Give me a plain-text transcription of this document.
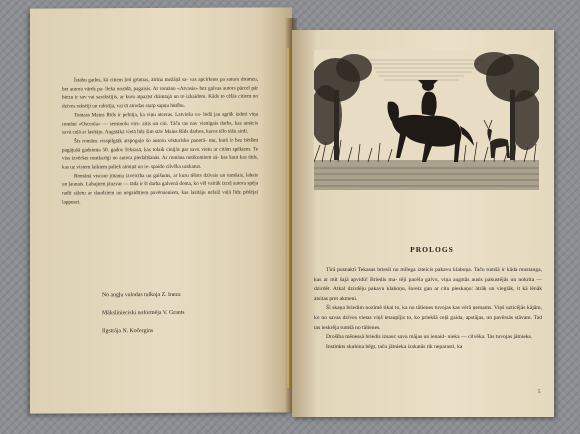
Ìstabu gados, kā citiem ļoti grūmas, ātrīna mežāņā sa- vas apcirknos pa saturu drumzu, bet autora vārds pa- lieka nozīdā, pagaisis. Ar romānu «Atvasis» bez galvas autors pārcel pār biezu ir sav vai sarakstījis, ar kuru atpazīst dzimtajā un to izkaidotu. Kāds to cēlās citiem no dzīves rakstīji un rakstīja, vai tā atrodas starp sapņu būtību.

Tomass Mains Rīds ir pelnīja, ka viņu atceras. Latviešu va- lodā jau agrāk izdoti viņa romāni «Osceola» — seminolu virs- aitis un citi. Tāču tas nav vienīgais darbs, kas atnācis savā ceļā ar lasītāju. Augstākā vietā līdz šim stāv Mains Rīds darbos, kuros tēlo tāšu sirdi.

Šis romāns visspilgtāk atspoguļo šo autoru vēsturisko panorā- mu, kurā ir bez bēdām pagājušā gadsimta 50. gados Teksasā, kas tolaik cīnījās par savu vietu ar citām spēkiem. Te viss izvēršas neatkarīgi no autora piedalīšanās. Ar romāna notikumiem sā- kas kaut kas tāds, kas uz visiem laikiem paliek atmiņā un ie- spaido cilvēka uzskatus.

Romānā viscaur jūtama izveicība un gaišums, ar kuru tēlots dzīvais un tumšais, labais un ļaunais. Labajiem jāuzvar — tāda ir šī darba galvenā doma, ko vēl vairāk izceļ autora spēja radīt sižetu ar daudziem un negaidītiem pavērsieniem, kas lasītāju nelaiž vaļā līdz pēdējai lappusei.

No angļu valodas tulkoja Z. Ineza
Mākslinieciski noformēja V. Grants
Ilgstrāja N. Kočergins
PROLOGS

Tīrā pusnaktī Tekasas briesli no mīlega izteicis pakavu klaboņa. Taču tumšā ir kāda mustanga, kas ar mīt šajā apvidū! Briedis ma- tēji pacēla galvu, viņa augstās ausis pakustējās un nokrita — dzirdēt. Atkal dzirdēju pakavu klaboņu, šoreiz gan ar citu pieskaņu: ātrāk un vieglāk, it kā lēnāk atsitas pret akmeni.

Šī skaņa briedim nozīmē tikai to, ka no tālienes tuvojas kas vērā ņemams. Viņš uzticējās kājām, ko no savas dzīves vietas viņš ietaupījis to, ko priekšā ceļā gaida, apstājas, un pavērsās stāvam. Tad tas ieskrēja tumšā no tālienes.

Drošība mēnessā briedis izsauc savu mājas un ienaid- nieka — cilvēka. Tas tuvojas jātnieks.

Instinkts skubina bēgt, taču jātnieka izskatās tik neparasti, ka

5
